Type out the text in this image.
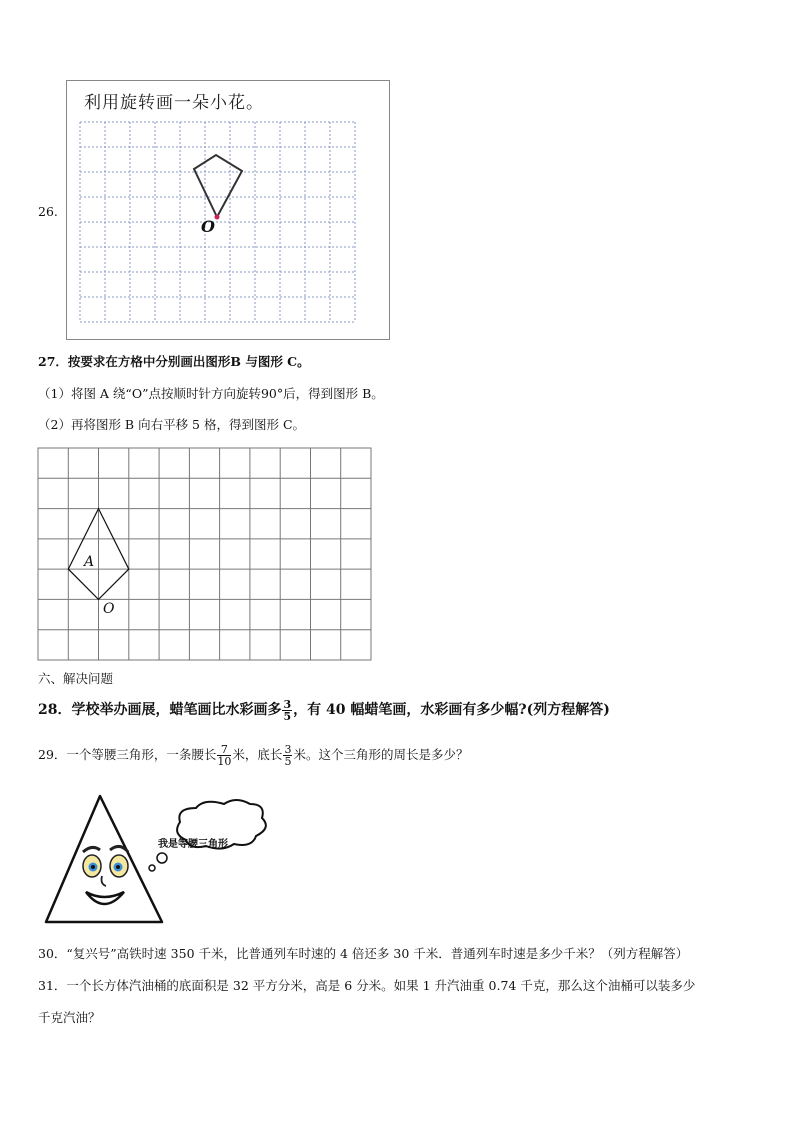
26.
利用旋转画一朵小花。
O
27．按要求在方格中分别画出图形B 与图形 C。
（1）将图 A 绕“O”点按顺时针方向旋转90°后，得到图形 B。
（2）再将图形 B 向右平移 5 格，得到图形 C。
A
O
六、解决问题
28．学校举办画展，蜡笔画比水彩画多 $\frac{3}{5}$ ，有 40 幅蜡笔画，水彩画有多少幅?(列方程解答)
29．一个等腰三角形，一条腰长 $\frac{7}{10}$ 米，底长 $\frac{3}{5}$ 米。这个三角形的周长是多少？
我是等腰三角形
30．“复兴号”高铁时速 350 千米，比普通列车时速的 4 倍还多 30 千米．普通列车时速是多少千米？（列方程解答）
31．一个长方体汽油桶的底面积是 32 平方分米，高是 6 分米。如果 1 升汽油重 0.74 千克，那么这个油桶可以装多少
千克汽油？
